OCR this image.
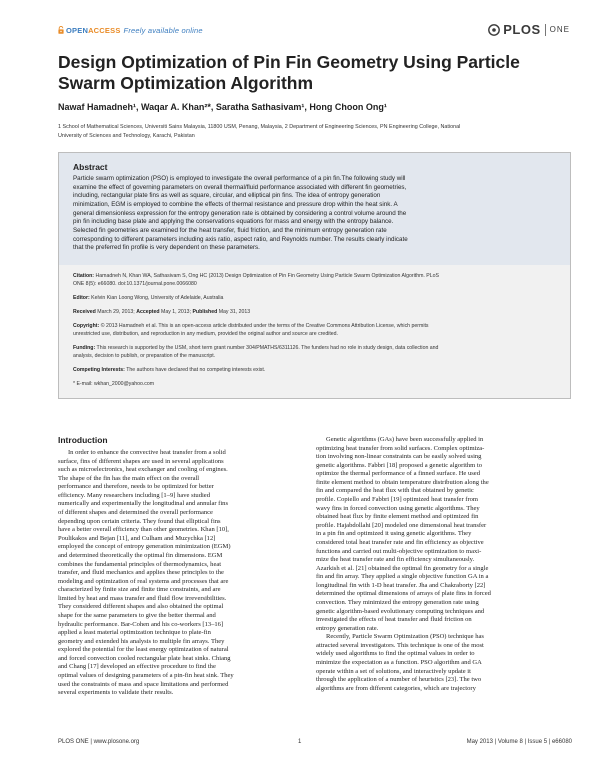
OPENACCESS Freely available online	PLOS ONE
Design Optimization of Pin Fin Geometry Using Particle
Swarm Optimization Algorithm
Nawaf Hamadneh¹, Waqar A. Khan²*, Saratha Sathasivam¹, Hong Choon Ong¹
1 School of Mathematical Sciences, Universiti Sains Malaysia, 11800 USM, Penang, Malaysia, 2 Department of Engineering Sciences, PN Engineering College, National
University of Sciences and Technology, Karachi, Pakistan
Abstract
Particle swarm optimization (PSO) is employed to investigate the overall performance of a pin fin.The following study will
examine the effect of governing parameters on overall thermal/fluid performance associated with different fin geometries,
including, rectangular plate fins as well as square, circular, and elliptical pin fins. The idea of entropy generation
minimization, EGM is employed to combine the effects of thermal resistance and pressure drop within the heat sink. A
general dimensionless expression for the entropy generation rate is obtained by considering a control volume around the
pin fin including base plate and applying the conservations equations for mass and energy with the entropy balance.
Selected fin geometries are examined for the heat transfer, fluid friction, and the minimum entropy generation rate
corresponding to different parameters including axis ratio, aspect ratio, and Reynolds number. The results clearly indicate
that the preferred fin profile is very dependent on these parameters.
Citation: Hamadneh N, Khan WA, Sathasivam S, Ong HC (2013) Design Optimization of Pin Fin Geometry Using Particle Swarm Optimization Algorithm. PLoS
ONE 8(5): e66080. doi:10.1371/journal.pone.0066080
Editor: Kelvin Kian Loong Wong, University of Adelaide, Australia
Received March 29, 2013; Accepted May 1, 2013; Published May 31, 2013
Copyright: © 2013 Hamadneh et al. This is an open-access article distributed under the terms of the Creative Commons Attribution License, which permits
unrestricted use, distribution, and reproduction in any medium, provided the original author and source are credited.
Funding: This research is supported by the USM, short term grant number 304/PMATHS/6311126. The funders had no role in study design, data collection and
analysis, decision to publish, or preparation of the manuscript.
Competing Interests: The authors have declared that no competing interests exist.
* E-mail: wkhan_2000@yahoo.com
Introduction
In order to enhance the convective heat transfer from a solid
surface, fins of different shapes are used in several applications
such as microelectronics, heat exchanger and cooling of engines.
The shape of the fin has the main effect on the overall
performance and therefore, needs to be optimized for better
efficiency. Many researchers including [1–9] have studied
numerically and experimentally the longitudinal and annular fins
of different shapes and determined the overall performance
depending upon certain criteria. They found that elliptical fins
have a better overall efficiency than other geometries. Khan [10],
Poulikakos and Bejan [11], and Culham and Muzychka [12]
employed the concept of entropy generation minimization (EGM)
and determined theoretically the optimal fin dimensions. EGM
combines the fundamental principles of thermodynamics, heat
transfer, and fluid mechanics and applies these principles to the
modeling and optimization of real systems and processes that are
characterized by finite size and finite time constraints, and are
limited by heat and mass transfer and fluid flow irreversibilities.
They considered different shapes and also obtained the optimal
shape for the same parameters to give the better thermal and
hydraulic performance. Bar-Cohen and his co-workers [13–16]
applied a least material optimization technique to plate-fin
geometry and extended his analysis to multiple fin arrays. They
explored the potential for the least energy optimization of natural
and forced convection cooled rectangular plate heat sinks. Chiang
and Chang [17] developed an effective procedure to find the
optimal values of designing parameters of a pin-fin heat sink. They
used the constraints of mass and space limitations and performed
several experiments to validate their results.
Genetic algorithms (GAs) have been successfully applied in
optimizing heat transfer from solid surfaces. Complex optimiza-
tion involving non-linear constraints can be easily solved using
genetic algorithms. Fabbri [18] proposed a genetic algorithm to
optimize the thermal performance of a finned surface. He used
finite element method to obtain temperature distribution along the
fin and compared the heat flux with that obtained by genetic
profile. Copiello and Fabbri [19] optimized heat transfer from
wavy fins in forced convection using genetic algorithms. They
obtained heat flux by finite element method and optimized fin
profile. Hajabdollahi [20] modeled one dimensional heat transfer
in a pin fin and optimized it using genetic algorithms. They
considered total heat transfer rate and fin efficiency as objective
functions and carried out multi-objective optimization to maxi-
mize the heat transfer rate and fin efficiency simultaneously.
Azarkish et al. [21] obtained the optimal fin geometry for a single
fin and fin array. They applied a single objective function GA in a
longitudinal fin with 1-D heat transfer. Jha and Chakraborty [22]
determined the optimal dimensions of arrays of plate fins in forced
convection. They minimized the entropy generation rate using
genetic algorithm-based evolutionary computing techniques and
investigated the effects of heat transfer and fluid friction on
entropy generation rate.
Recently, Particle Swarm Optimization (PSO) technique has
attracted several investigators. This technique is one of the most
widely used algorithms to find the optimal values in order to
minimize the expectation as a function. PSO algorithm and GA
operate within a set of solutions, and interactively update it
through the application of a number of heuristics [23]. The two
algorithms are from different categories, which are trajectory
PLOS ONE | www.plosone.org	1	May 2013 | Volume 8 | Issue 5 | e66080
